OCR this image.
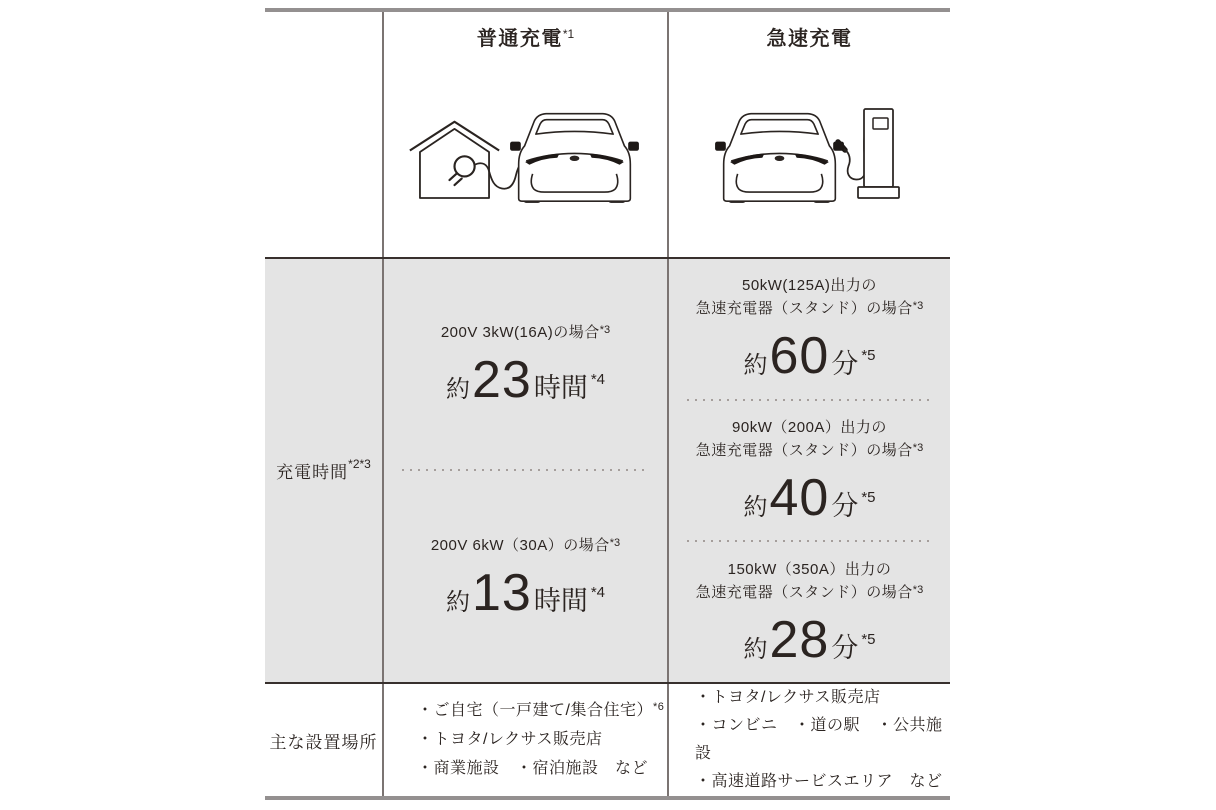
普通充電$^{*1}$	急速充電
充電時間 *2*3
200V 3kW(16A)の場合$^{*3}$
約 23 時間 *4
200V 6kW（30A）の場合$^{*3}$
約 13 時間 *4
50kW(125A)出力の
急速充電器（スタンド）の場合$^{*3}$
約 60 分 *5
90kW（200A）出力の
急速充電器（スタンド）の場合$^{*3}$
約 40 分 *5
150kW（350A）出力の
急速充電器（スタンド）の場合$^{*3}$
約 28 分 *5
主な設置場所
・ご自宅（一戸建て/集合住宅）$^{*6}$
・トヨタ/レクサス販売店
・商業施設　・宿泊施設　など
・トヨタ/レクサス販売店
・コンビニ　・道の駅　・公共施設
・高速道路サービスエリア　など
